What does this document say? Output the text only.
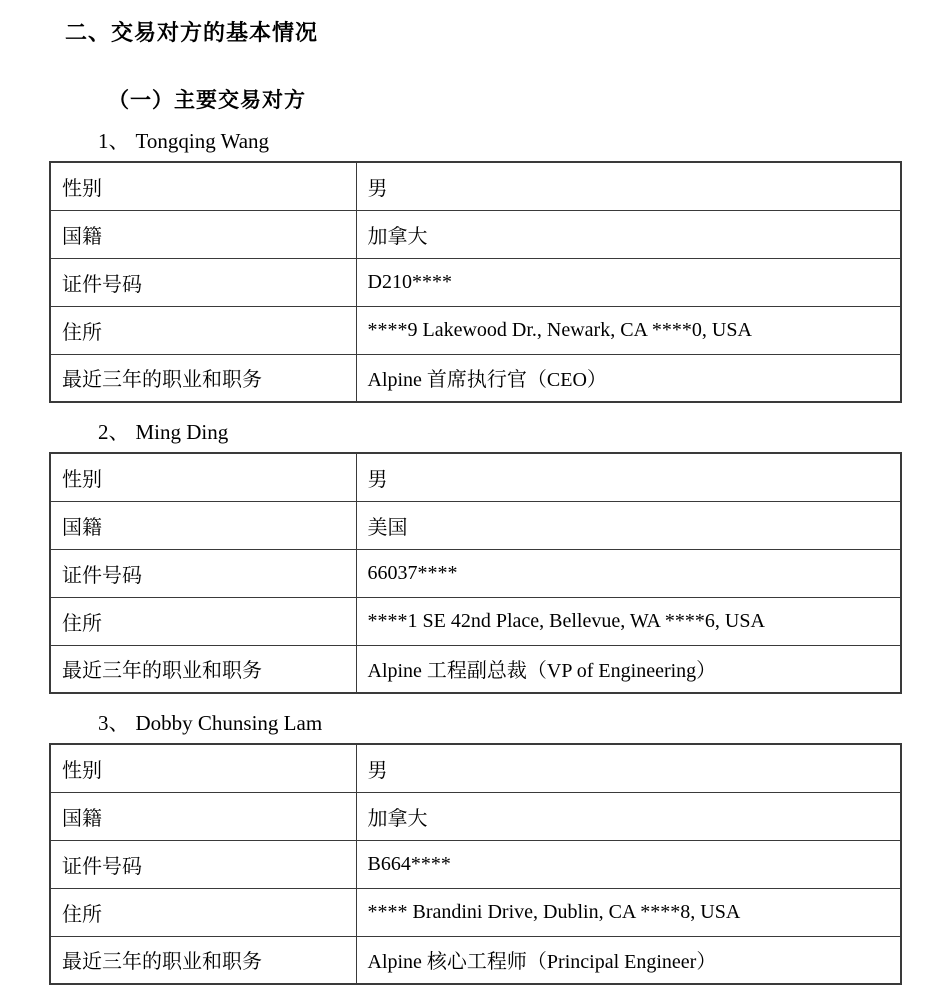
二、交易对方的基本情况
（一）主要交易对方
1、 Tongqing Wang
性别	男
国籍	加拿大
证件号码	D210****
住所	****9 Lakewood Dr., Newark, CA ****0, USA
最近三年的职业和职务	Alpine 首席执行官（CEO）
2、 Ming Ding
性别	男
国籍	美国
证件号码	66037****
住所	****1 SE 42nd Place, Bellevue, WA ****6, USA
最近三年的职业和职务	Alpine 工程副总裁（VP of Engineering）
3、 Dobby Chunsing Lam
性别	男
国籍	加拿大
证件号码	B664****
住所	**** Brandini Drive, Dublin, CA ****8, USA
最近三年的职业和职务	Alpine 核心工程师（Principal Engineer）
